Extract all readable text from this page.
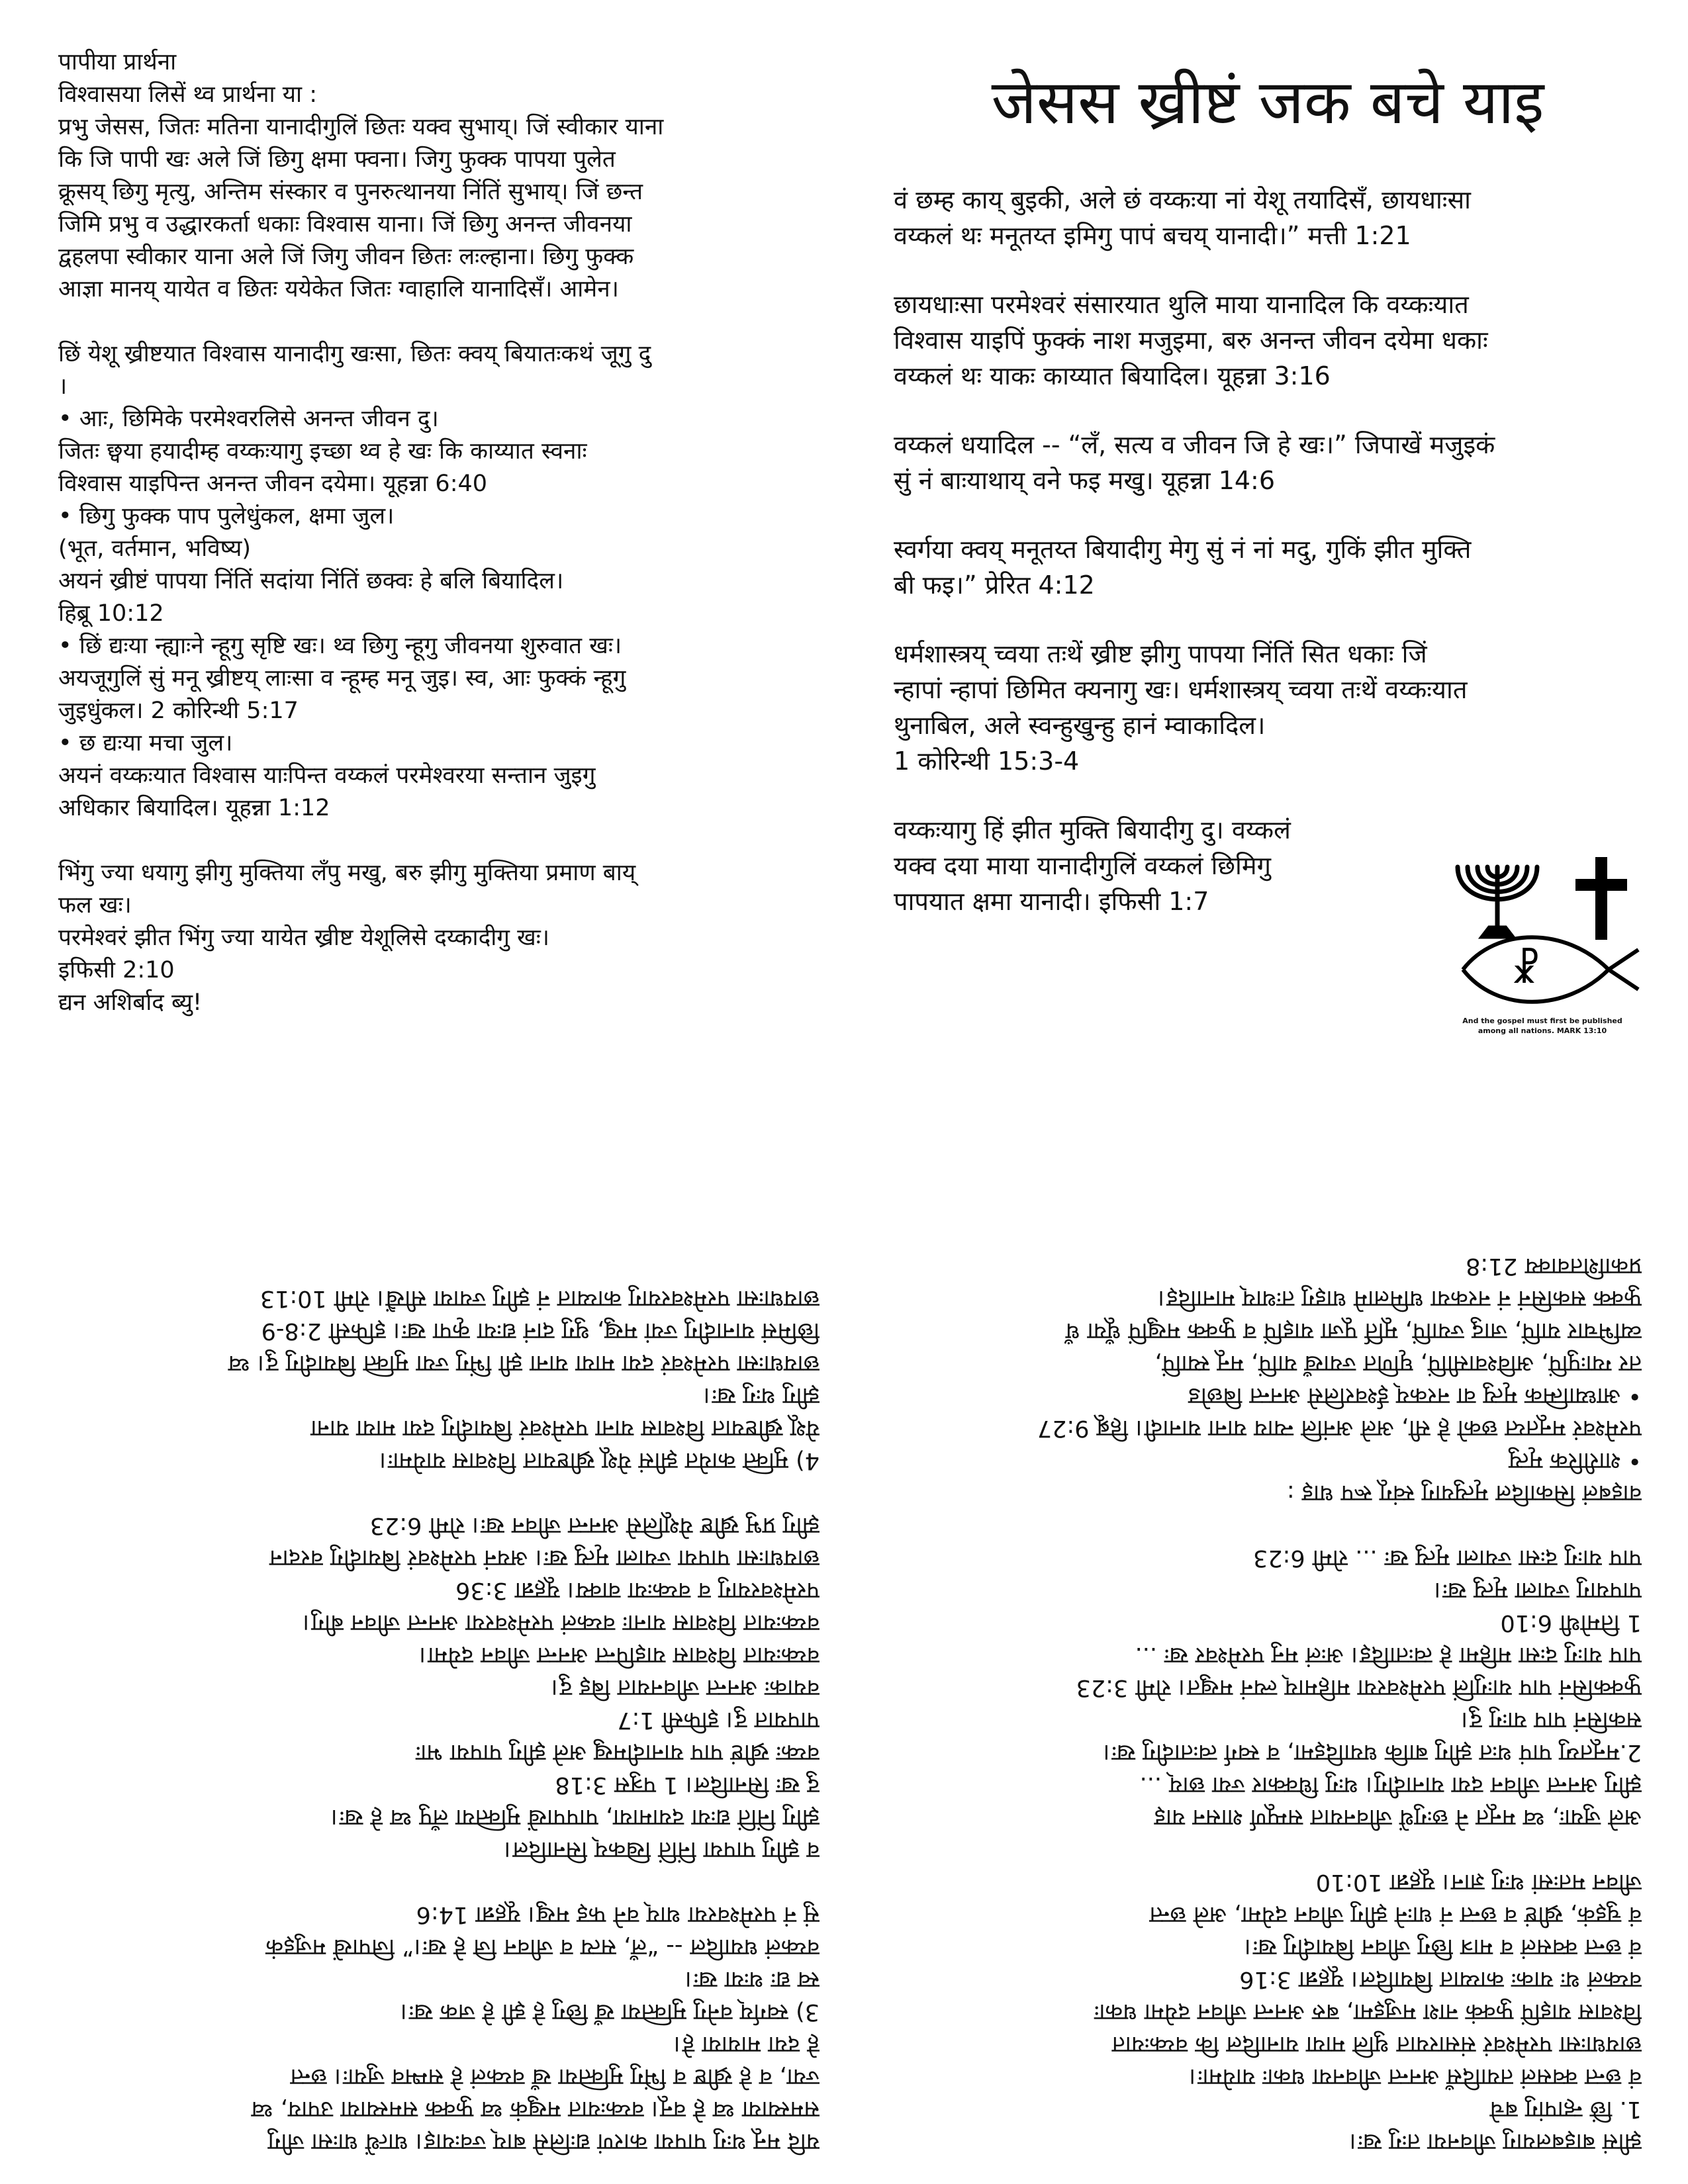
पापीया प्रार्थना
विश्वासया लिसें थ्व प्रार्थना या :
प्रभु जेसस, जितः मतिना यानादीगुलिं छितः यक्व सुभाय्। जिं स्वीकार याना
कि जि पापी खः अले जिं छिगु क्षमा फ्वना। जिगु फुक्क पापया पुलेत
क्रूसय् छिगु मृत्यु, अन्तिम संस्कार व पुनरुत्थानया निंतिं सुभाय्। जिं छन्त
जिमि प्रभु व उद्धारकर्ता धकाः विश्वास याना। जिं छिगु अनन्त जीवनया
द्वहलपा स्वीकार याना अले जिं जिगु जीवन छितः लःल्हाना। छिगु फुक्क
आज्ञा मानय् यायेत व छितः ययेकेत जितः ग्वाहालि यानादिसँ। आमेन।

छिं येशू ख्रीष्टयात विश्वास यानादीगु खःसा, छितः क्वय् बियातःकथं जूगु दु
।
• आः, छिमिके परमेश्वरलिसे अनन्त जीवन दु।
जितः छ्वया हयादीम्ह वय्कःयागु इच्छा थ्व हे खः कि काय्यात स्वनाः
विश्वास याइपिन्त अनन्त जीवन दयेमा। यूहन्ना 6:40
• छिगु फुक्क पाप पुलेधुंकल, क्षमा जुल।
(भूत, वर्तमान, भविष्य)
अयनं ख्रीष्टं पापया निंतिं सदांया निंतिं छक्वः हे बलि बियादिल।
हिब्रू 10:12
• छिं द्यःया न्ह्याःने न्हूगु सृष्टि खः। थ्व छिगु न्हूगु जीवनया शुरुवात खः।
अयजूगुलिं सुं मनू ख्रीष्टय् लाःसा व न्हूम्ह मनू जुइ। स्व, आः फुक्कं न्हूगु
जुइधुंकल। 2 कोरिन्थी 5:17
• छ द्यःया मचा जुल।
अयनं वय्कःयात विश्वास याःपिन्त वय्कलं परमेश्वरया सन्तान जुइगु
अधिकार बियादिल। यूहन्ना 1:12

भिंगु ज्या धयागु झीगु मुक्तिया लँपु मखु, बरु झीगु मुक्तिया प्रमाण बाय्
फल खः।
परमेश्वरं झीत भिंगु ज्या यायेत ख्रीष्ट येशूलिसे दय्कादीगु खः।
इफिसी 2:10
द्यन अशिर्बाद ब्यु!
जेसस ख्रीष्टं जक बचे याइ
वं छम्ह काय् बुइकी, अले छं वय्कःया नां येशू तयादिसँ, छायधाःसा
वय्कलं थः मनूतय्त इमिगु पापं बचय् यानादी।” मत्ती 1:21
छायधाःसा परमेश्वरं संसारयात थुलि माया यानादिल कि वय्कःयात
विश्वास याइपिं फुक्कं नाश मजुइमा, बरु अनन्त जीवन दयेमा धकाः
वय्कलं थः याकः काय्यात बियादिल। यूहन्ना 3:16
वय्कलं धयादिल -- “लँ, सत्य व जीवन जि हे खः।” जिपाखें मजुइकं
सुं नं बाःयाथाय् वने फइ मखु। यूहन्ना 14:6
स्वर्गया क्वय् मनूतय्त बियादीगु मेगु सुं नं नां मदु, गुकिं झीत मुक्ति
बी फइ।” प्रेरित 4:12
धर्मशास्त्रय् च्वया तःथें ख्रीष्ट झीगु पापया निंतिं सित धकाः जिं
न्हापां न्हापां छिमित क्यनागु खः। धर्मशास्त्रय् च्वया तःथें वय्कःयात
थुनाबिल, अले स्वन्हुखुन्हु हानं म्वाकादिल।
1 कोरिन्थी 15:3-4
वय्कःयागु हिं झीत मुक्ति बियादीगु दु। वय्कलं
यक्व दया माया यानादीगुलिं वय्कलं छिमिगु
पापयात क्षमा यानादी। इफिसी 1:7
☧
And the gospel must first be published
among all nations. MARK 13:10
यदि मनू थःगु पापया कारणं द्यःलिसे बाय्‌ ज्वःयाइ। धात्थें धाःसा जीगु
समस्याया थ्व हे वनू। वय्कःयात मखुकं थ्व फुक्क समस्याया उपाय, थ्व
ज्या, व हे ख्रीष्ट व भिंगु मुक्तिया खँ वय्कलं हे सम्भव जुयाः। छन्त
हे दया मायाया हे।
3) स्वर्गय् वनेगु मुक्तिया खँ छिगु हे झी हे जक खः।
स्व द्यः थःया खः।
वय्कलं धयादिल -- “लँ, सत्य व जीवन जि हे खः।” जिपाखें मजुइकं
सुं नं परमेश्वरया थाय् वने फइ मखु। यूहन्ना 14:6
व झीगु पापया निंतिं खिकय् सिनादिल।
झीगु निंतिं द्यःया दयामाया, पापपाखें मुक्तिया लँपु थ्व हे खः।
दु खः सिनादिल। 1 पत्रुस 3:18
वय्कः ख्रीष्टं पाप यानादीमखु अले झीगु पापया भाः
पापयात दु। इफिसी 1:7
वयाकः अनन्त जीवनयात बिइ दु।
वय्कःयात विश्वास याइपिन्त अनन्त जीवन दयेमा।
वय्कःयात विश्वास यानाः वय्कलं परमेश्वरया अनन्त जीवन बीगु।
परमेश्वरयागु व वय्कःया वाक्य। यूहन्ना 3:36
छायधाःसा पापया ज्याला मृत्यु खः। अयनं परमेश्वरं बियादीगु वरदान
झीगु प्रभु ख्रीष्ट येशूलिसे अनन्त जीवन खः। रोमी 6:23
4) मुक्ति कायेत झीसं येशू ख्रीष्टयात विश्वास यायेमाः।
येशू ख्रीष्टयात विश्वास याना परमेश्वरं बियादीगु दया माया याना
झीगु थःगु खः।
छायधाःसा परमेश्वरं दया माया याना झी भिंगु ज्या मुक्ति बियादीगु दु। थ्व
छिमिसं यानादीगु ज्यां मखु, थुगु दानं द्यःया कृपा खः। इफिसी 2:8-9
छायधाःसा परमेश्वरयागु काय्यात नं झीगु ज्याया सीखैं। रोमी 10:13
झीसं बाइबलयागु जीवनया तःगु खः।
1. छिं न्हापांगु बचे
वं छन्त क्वसलं तयादिसँ अनन्त जीवनया धकाः यायेमाः।
छायधाःसा परमेश्वरं संसारयात थुलि माया यानादिल कि वय्कःयात
विश्वास याइपिं फुक्कं नाश मजुइमा, बरु अनन्त जीवन दयेमा धकाः
वय्कलं थः याकः काय्यात बियादिल। यूहन्ना 3:16
वं छन्त क्वसलं व मात्र छिगु जीवन बियादीगु खः।
वं चुइकं, ख्रीष्टं व छन्त नं धाःने झीगु जीवन दयेमा, अले छन्त
जीवन मतःसां थःगु ज्ञान। यूहन्ना 10:10
अले जुयाः, थ्व मनूत ने छःगुथें जीवनयात सम्पूर्ण शासन याइ
झीगु अनन्त जीवन दया यानादीगु। थःगु धिक्कार ज्या छाय् ...
2.मनूतय्गु पापं थःत झीगु बाकि धयादिइमा, व स्वर्ग त्वःतादीगु खः।
सकसिनं पाप याःगु दु।
फुक्कसिनं पाप याःगुलिं परमेश्वरया महिमाय् ल्यनं मखुत। रोमी 3:23
पाप याःगु दःसा महिमा हे त्वःतादिइ। अःलं मनु परमेश्वर खः ...
1 तिमोथी 6:10
पापयागु ज्याला मृत्यु खः।
पाप याःगु दःसा ज्याला मृत्यु खः ... रोमी 6:23
वाइबलं सिकादिल मृत्युयागु स्वंगू रूप धाइ :
• शारीरिक मृत्यु
परमेश्वरं मनूतय्त छको हे सी, अले अनंलि न्याय याना यानादी। हिब्रू 9:27
• आध्यात्मिक मृत्यु वा नरकय् ईश्वरलिसे अनन्त बिछोड
तर ग्याःपुपिं, अविश्वासीपिं, घृणित ज्याखँ यापिं, मनू स्यापिं,
व्यभिचार यापिं, जादु ज्यापिं, मूर्ति पूजा याइपिं व फुक्क मखुपिं धूँया धँ
फुक्क सकसिनं नं नरकया धमिलामे धाइगु तःथाय् मानादिइ।
प्रकाशितवाक्य 21:8
